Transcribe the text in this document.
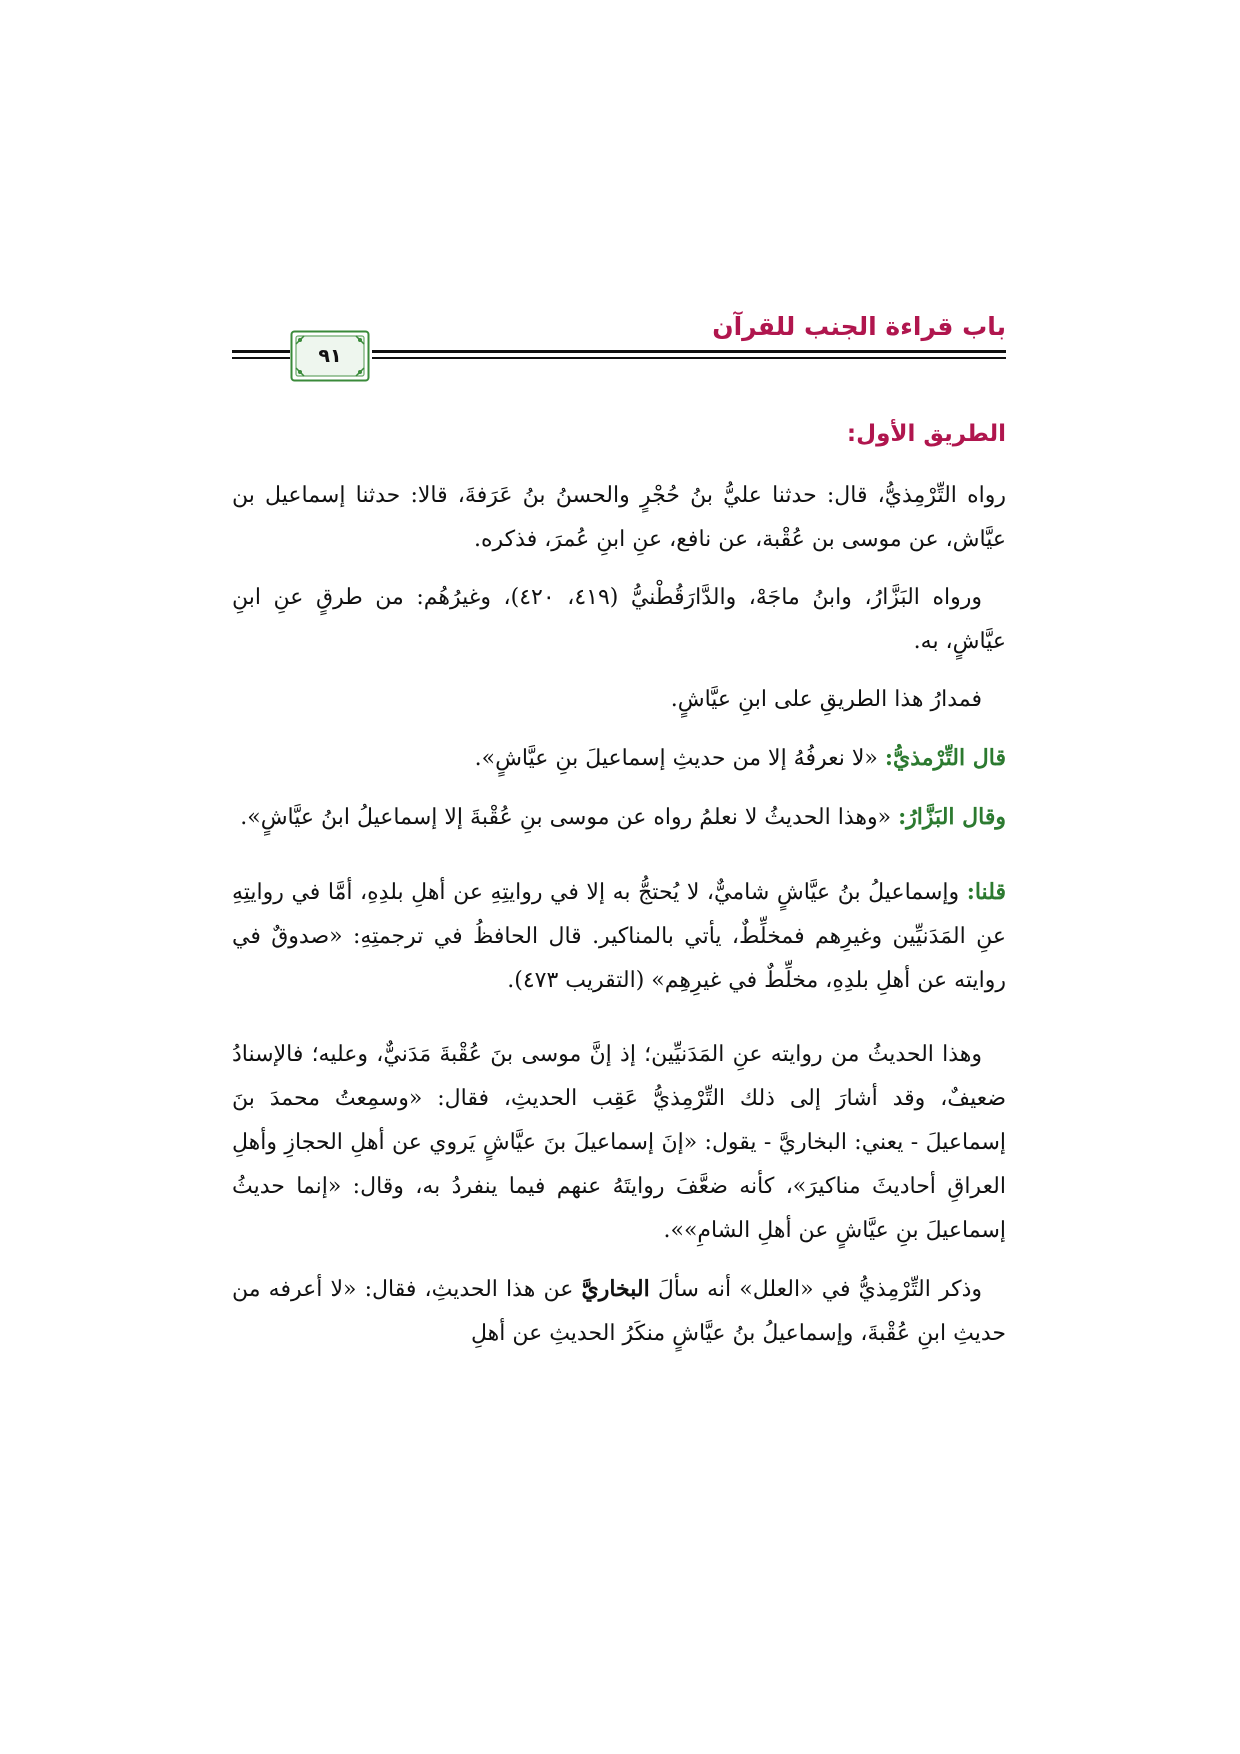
باب قراءة الجنب للقرآن
٩١

الطريق الأول:

رواه التِّرْمِذيُّ، قال: حدثنا عليُّ بنُ حُجْرٍ والحسنُ بنُ عَرَفةَ، قالا: حدثنا إسماعيل بن عيَّاش، عن موسى بن عُقْبة، عن نافع، عنِ ابنِ عُمرَ، فذكره.

ورواه البَزَّارُ، وابنُ ماجَهْ، والدَّارَقُطْنيُّ (٤١٩، ٤٢٠)، وغيرُهُم: من طرقٍ عنِ ابنِ عيَّاشٍ، به.

فمدارُ هذا الطريقِ على ابنِ عيَّاشٍ.

قال التِّرْمذيُّ: «لا نعرفُهُ إلا من حديثِ إسماعيلَ بنِ عيَّاشٍ».

وقال البَزَّارُ: «وهذا الحديثُ لا نعلمُ رواه عن موسى بنِ عُقْبةَ إلا إسماعيلُ ابنُ عيَّاشٍ».

قلنا: وإسماعيلُ بنُ عيَّاشٍ شاميٌّ، لا يُحتجُّ به إلا في روايتِهِ عن أهلِ بلدِهِ، أمَّا في روايتِهِ عنِ المَدَنيِّين وغيرِهم فمخلِّطٌ، يأتي بالمناكير. قال الحافظُ في ترجمتِهِ: «صدوقٌ في روايته عن أهلِ بلدِهِ، مخلِّطٌ في غيرِهِم» (التقريب ٤٧٣).

وهذا الحديثُ من روايته عنِ المَدَنيِّين؛ إذ إنَّ موسى بنَ عُقْبةَ مَدَنيٌّ، وعليه؛ فالإسنادُ ضعيفٌ، وقد أشارَ إلى ذلك التِّرْمِذيُّ عَقِب الحديثِ، فقال: «وسمِعتُ محمدَ بنَ إسماعيلَ - يعني: البخاريَّ - يقول: «إنَ إسماعيلَ بنَ عيَّاشٍ يَروي عن أهلِ الحجازِ وأهلِ العراقِ أحاديثَ مناكيرَ»، كأنه ضعَّفَ روايتَهُ عنهم فيما ينفردُ به، وقال: «إنما حديثُ إسماعيلَ بنِ عيَّاشٍ عن أهلِ الشامِ»».

وذكر التِّرْمِذيُّ في «العلل» أنه سألَ البخاريَّ عن هذا الحديثِ، فقال: «لا أعرفه من حديثِ ابنِ عُقْبةَ، وإسماعيلُ بنُ عيَّاشٍ منكَرُ الحديثِ عن أهلِ
